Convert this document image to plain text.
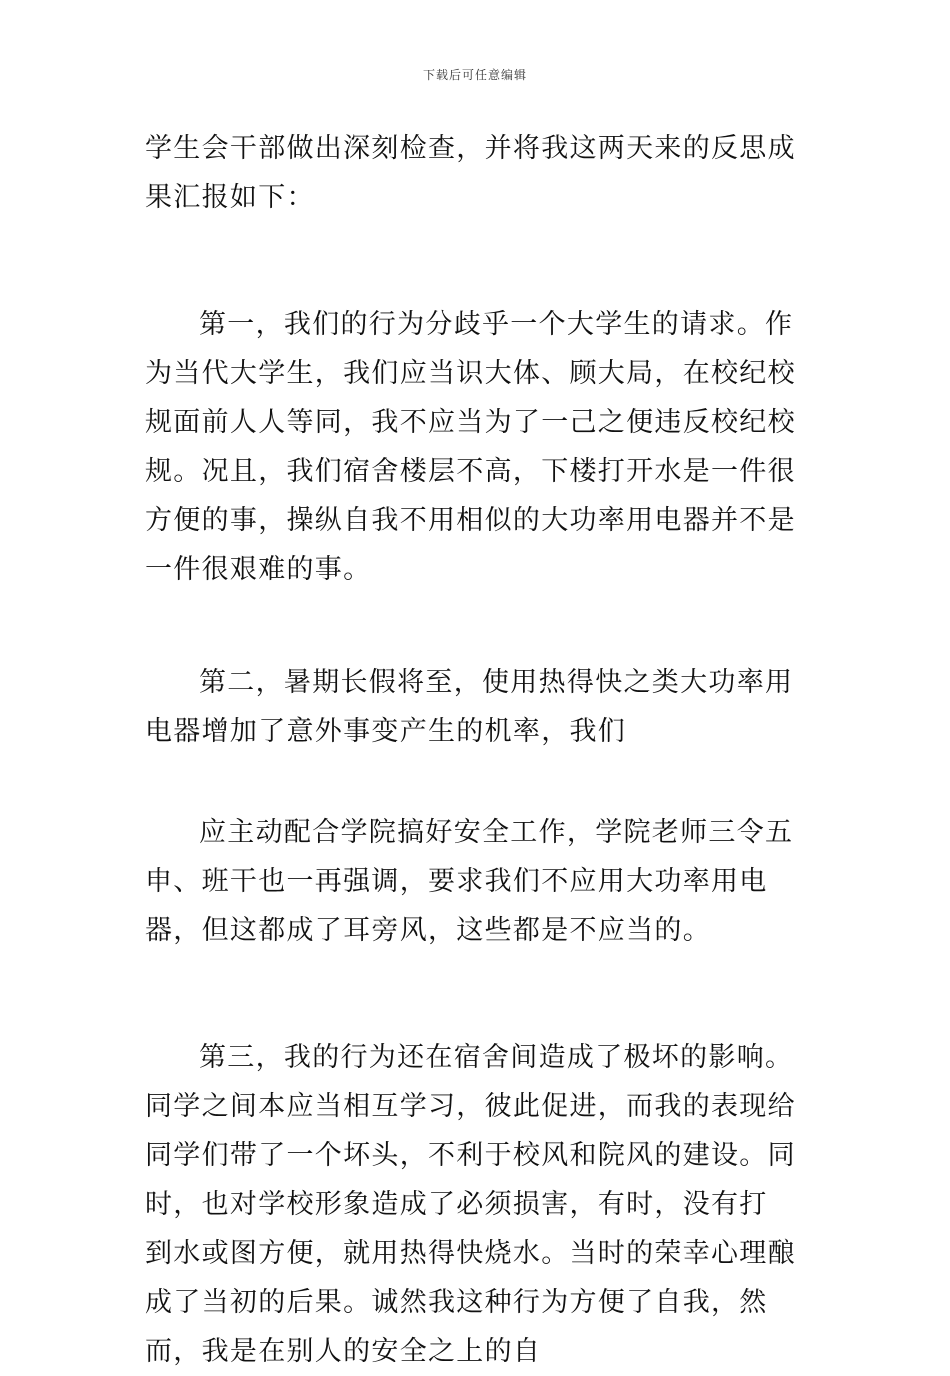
下载后可任意编辑

学生会干部做出深刻检查，并将我这两天来的反思成果汇报如下：

第一，我们的行为分歧乎一个大学生的请求。作为当代大学生，我们应当识大体、顾大局，在校纪校规面前人人等同，我不应当为了一己之便违反校纪校规。况且，我们宿舍楼层不高，下楼打开水是一件很方便的事，操纵自我不用相似的大功率用电器并不是一件很艰难的事。

第二，暑期长假将至，使用热得快之类大功率用电器增加了意外事变产生的机率，我们

应主动配合学院搞好安全工作，学院老师三令五申、班干也一再强调，要求我们不应用大功率用电器，但这都成了耳旁风，这些都是不应当的。

第三，我的行为还在宿舍间造成了极坏的影响。同学之间本应当相互学习，彼此促进，而我的表现给同学们带了一个坏头，不利于校风和院风的建设。同时，也对学校形象造成了必须损害，有时，没有打　到水或图方便，就用热得快烧水。当时的荣幸心理酿成了当初的后果。诚然我这种行为方便了自我，然而，我是在别人的安全之上的自
